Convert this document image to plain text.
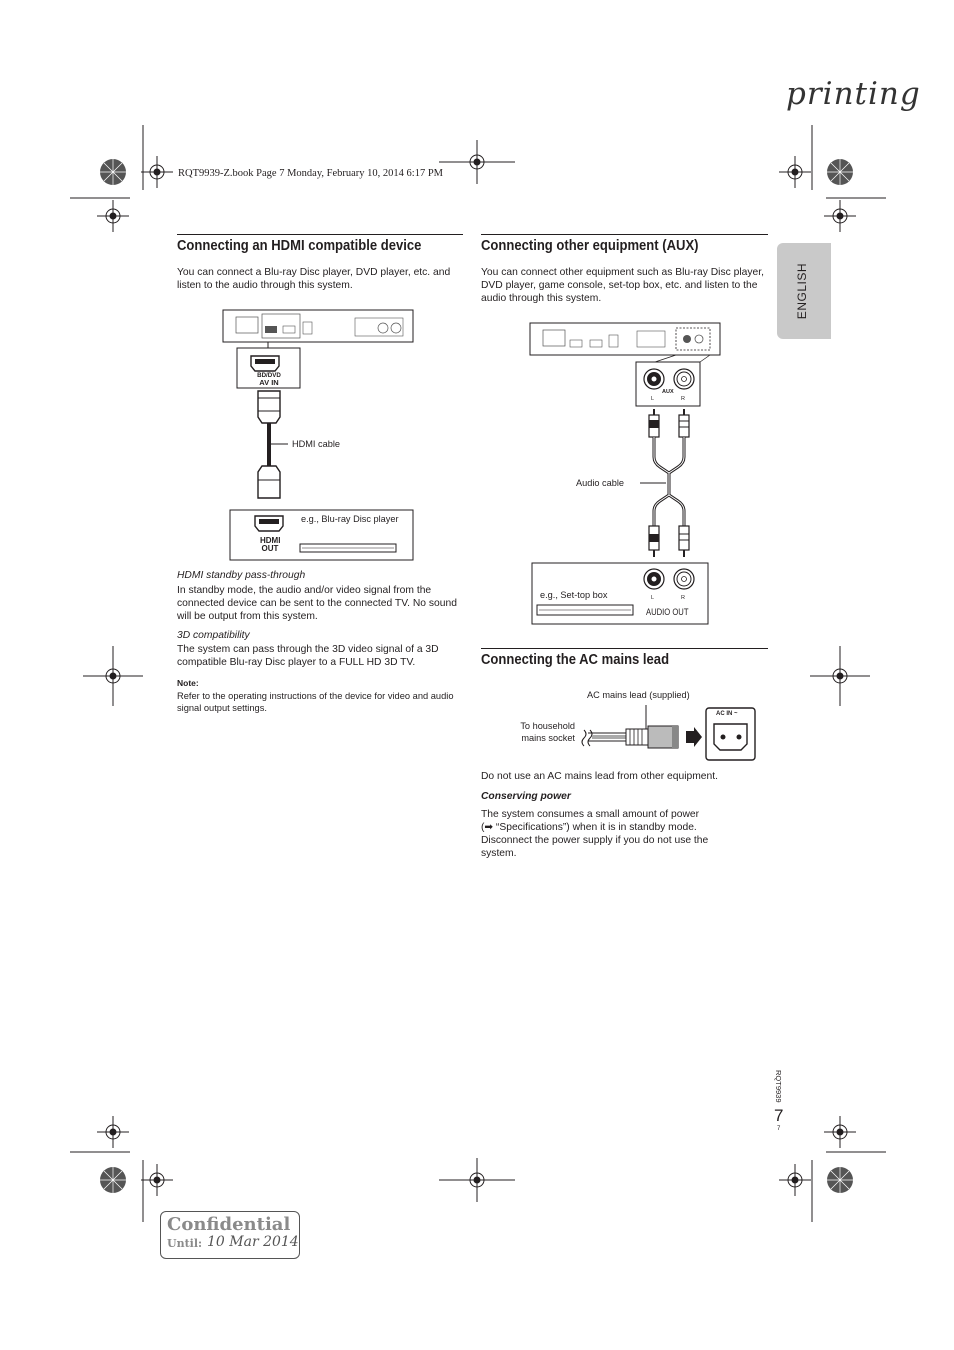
printing
RQT9939-Z.book Page 7 Monday, February 10, 2014 6:17 PM
ENGLISH
Connecting an HDMI compatible device
You can connect a Blu-ray Disc player, DVD player, etc. and listen to the audio through this system.
BD/DVD
AV IN
HDMI cable
e.g., Blu-ray Disc player
HDMI
OUT
HDMI standby pass-through
In standby mode, the audio and/or video signal from the connected device can be sent to the connected TV. No sound will be output from this system.
3D compatibility
The system can pass through the 3D video signal of a 3D compatible Blu-ray Disc player to a FULL HD 3D TV.
Note:
Refer to the operating instructions of the device for video and audio signal output settings.
Connecting other equipment (AUX)
You can connect other equipment such as Blu-ray Disc player, DVD player, game console, set-top box, etc. and listen to the audio through this system.
AUX
L	R
Audio cable
e.g., Set-top box	L	R
AUDIO OUT
Connecting the AC mains lead
AC mains lead (supplied)
To household
mains socket
AC IN ~
Do not use an AC mains lead from other equipment.
Conserving power
The system consumes a small amount of power
(➡ “Specifications”) when it is in standby mode.
Disconnect the power supply if you do not use the
system.
RQT9939
7
7
Confidential
Until: 10 Mar 2014
